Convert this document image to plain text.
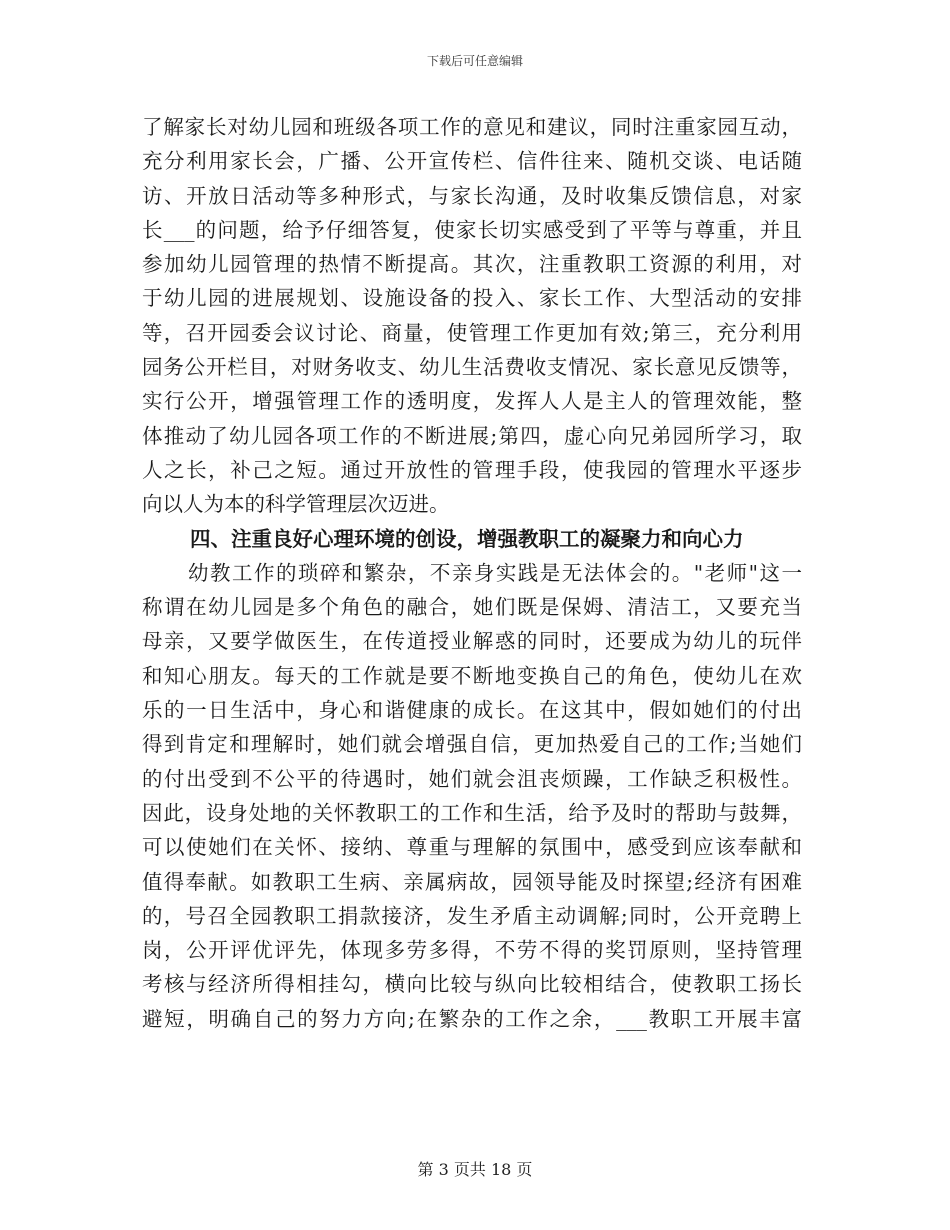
下载后可任意编辑
了解家长对幼儿园和班级各项工作的意见和建议，同时注重家园互动，
充分利用家长会，广播、公开宣传栏、信件往来、随机交谈、电话随
访、开放日活动等多种形式，与家长沟通，及时收集反馈信息，对家
长___的问题，给予仔细答复，使家长切实感受到了平等与尊重，并且
参加幼儿园管理的热情不断提高。其次，注重教职工资源的利用，对
于幼儿园的进展规划、设施设备的投入、家长工作、大型活动的安排
等，召开园委会议讨论、商量，使管理工作更加有效;第三，充分利用
园务公开栏目，对财务收支、幼儿生活费收支情况、家长意见反馈等，
实行公开，增强管理工作的透明度，发挥人人是主人的管理效能，整
体推动了幼儿园各项工作的不断进展;第四，虚心向兄弟园所学习，取
人之长，补己之短。通过开放性的管理手段，使我园的管理水平逐步
向以人为本的科学管理层次迈进。
四、注重良好心理环境的创设，增强教职工的凝聚力和向心力
幼教工作的琐碎和繁杂，不亲身实践是无法体会的。"老师"这一
称谓在幼儿园是多个角色的融合，她们既是保姆、清洁工，又要充当
母亲，又要学做医生，在传道授业解惑的同时，还要成为幼儿的玩伴
和知心朋友。每天的工作就是要不断地变换自己的角色，使幼儿在欢
乐的一日生活中，身心和谐健康的成长。在这其中，假如她们的付出
得到肯定和理解时，她们就会增强自信，更加热爱自己的工作;当她们
的付出受到不公平的待遇时，她们就会沮丧烦躁，工作缺乏积极性。
因此，设身处地的关怀教职工的工作和生活，给予及时的帮助与鼓舞，
可以使她们在关怀、接纳、尊重与理解的氛围中，感受到应该奉献和
值得奉献。如教职工生病、亲属病故，园领导能及时探望;经济有困难
的，号召全园教职工捐款接济，发生矛盾主动调解;同时，公开竞聘上
岗，公开评优评先，体现多劳多得，不劳不得的奖罚原则，坚持管理
考核与经济所得相挂勾，横向比较与纵向比较相结合，使教职工扬长
避短，明确自己的努力方向;在繁杂的工作之余，___教职工开展丰富
第 3 页共 18 页
